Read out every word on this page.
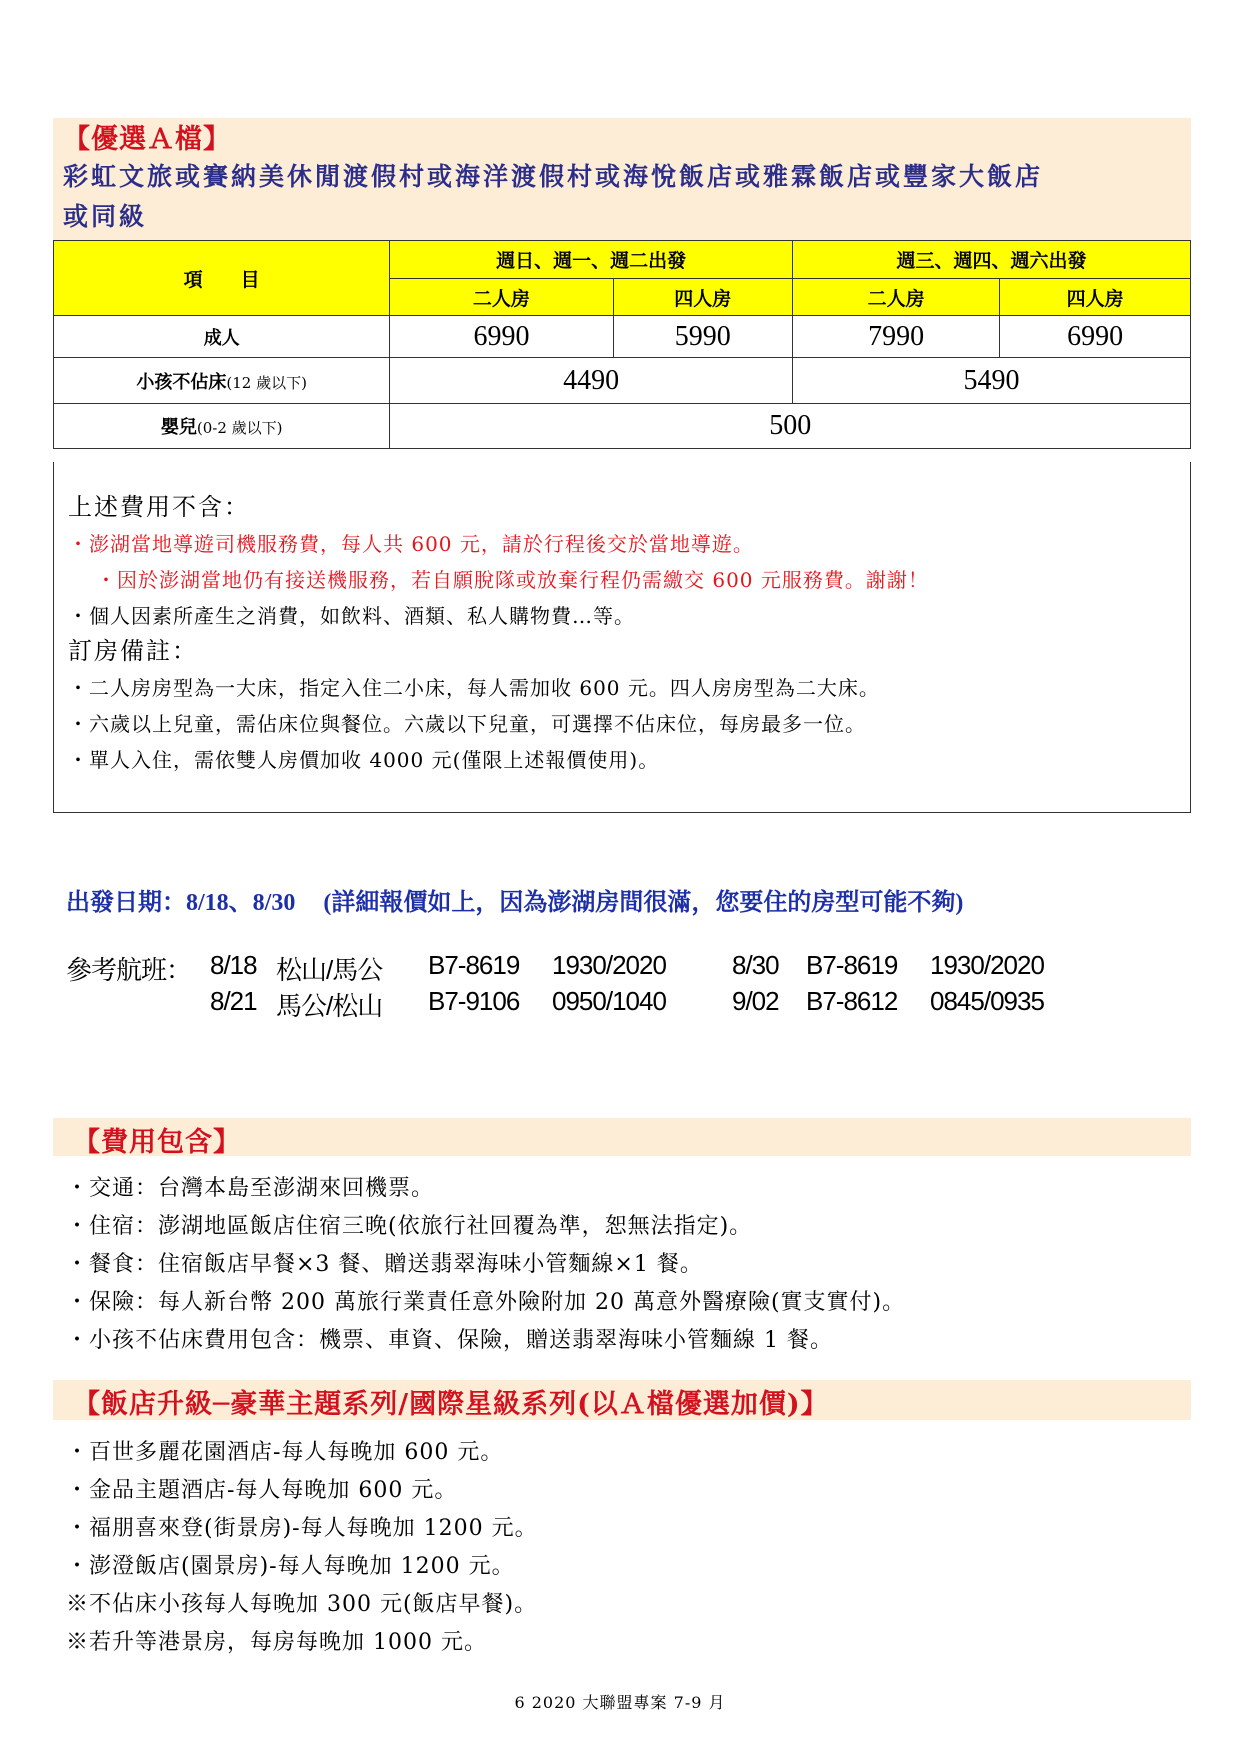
【優選Ａ檔】
彩虹文旅或賽納美休閒渡假村或海洋渡假村或海悅飯店或雅霖飯店或豐家大飯店
或同級
項　　目	週日、週一、週二出發		週三、週四、週六出發	
	二人房	四人房	二人房	四人房
成人	6990	5990	7990	6990
小孩不佔床(12 歲以下)	4490		5490	
嬰兒(0-2 歲以下)	500			
上述費用不含：
・澎湖當地導遊司機服務費，每人共 600 元，請於行程後交於當地導遊。
・因於澎湖當地仍有接送機服務，若自願脫隊或放棄行程仍需繳交 600 元服務費。謝謝！
・個人因素所產生之消費，如飲料、酒類、私人購物費…等。
訂房備註：
・二人房房型為一大床，指定入住二小床，每人需加收 600 元。四人房房型為二大床。
・六歲以上兒童，需佔床位與餐位。六歲以下兒童，可選擇不佔床位，每房最多一位。
・單人入住，需依雙人房價加收 4000 元(僅限上述報價使用)。
出發日期：8/18、8/30 (詳細報價如上，因為澎湖房間很滿，您要住的房型可能不夠)
參考航班： 8/18 松山/馬公 B7-8619 1930/2020	8/30 B7-8619 1930/2020
8/21 馬公/松山 B7-9106 0950/1040	9/02 B7-8612 0845/0935
【費用包含】
・交通：台灣本島至澎湖來回機票。
・住宿：澎湖地區飯店住宿三晚(依旅行社回覆為準，恕無法指定)。
・餐食：住宿飯店早餐×3 餐、贈送翡翠海味小管麵線×1 餐。
・保險：每人新台幣 200 萬旅行業責任意外險附加 20 萬意外醫療險(實支實付)。
・小孩不佔床費用包含：機票、車資、保險，贈送翡翠海味小管麵線 1 餐。
【飯店升級─豪華主題系列/國際星級系列(以Ａ檔優選加價)】
・百世多麗花園酒店-每人每晚加 600 元。
・金品主題酒店-每人每晚加 600 元。
・福朋喜來登(街景房)-每人每晚加 1200 元。
・澎澄飯店(園景房)-每人每晚加 1200 元。
※不佔床小孩每人每晚加 300 元(飯店早餐)。
※若升等港景房，每房每晚加 1000 元。
6 2020 大聯盟專案 7-9 月
